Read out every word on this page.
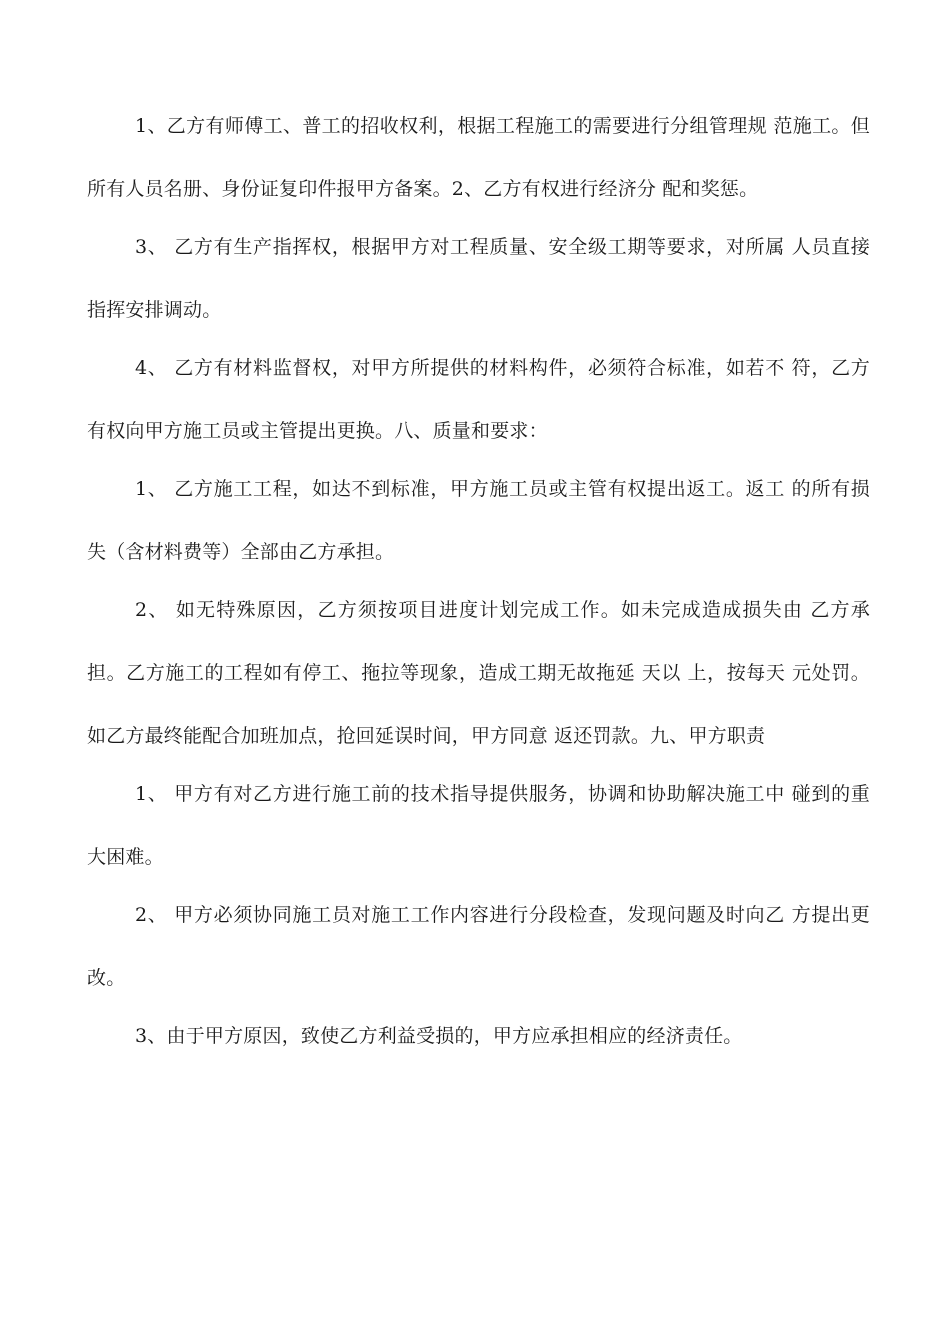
1、乙方有师傅工、普工的招收权利，根据工程施工的需要进行分组管理规 范施工。但所有人员名册、身份证复印件报甲方备案。2、乙方有权进行经济分 配和奖惩。

3、 乙方有生产指挥权，根据甲方对工程质量、安全级工期等要求，对所属 人员直接指挥安排调动。

4、 乙方有材料监督权，对甲方所提供的材料构件，必须符合标准，如若不 符，乙方有权向甲方施工员或主管提出更换。八、质量和要求：

1、 乙方施工工程，如达不到标准，甲方施工员或主管有权提出返工。返工 的所有损失（含材料费等）全部由乙方承担。

2、 如无特殊原因，乙方须按项目进度计划完成工作。如未完成造成损失由 乙方承担。乙方施工的工程如有停工、拖拉等现象，造成工期无故拖延 天以 上，按每天 元处罚。如乙方最终能配合加班加点，抢回延误时间，甲方同意 返还罚款。九、甲方职责

1、 甲方有对乙方进行施工前的技术指导提供服务，协调和协助解决施工中 碰到的重大困难。

2、 甲方必须协同施工员对施工工作内容进行分段检查，发现问题及时向乙 方提出更改。

3、由于甲方原因，致使乙方利益受损的，甲方应承担相应的经济责任。
